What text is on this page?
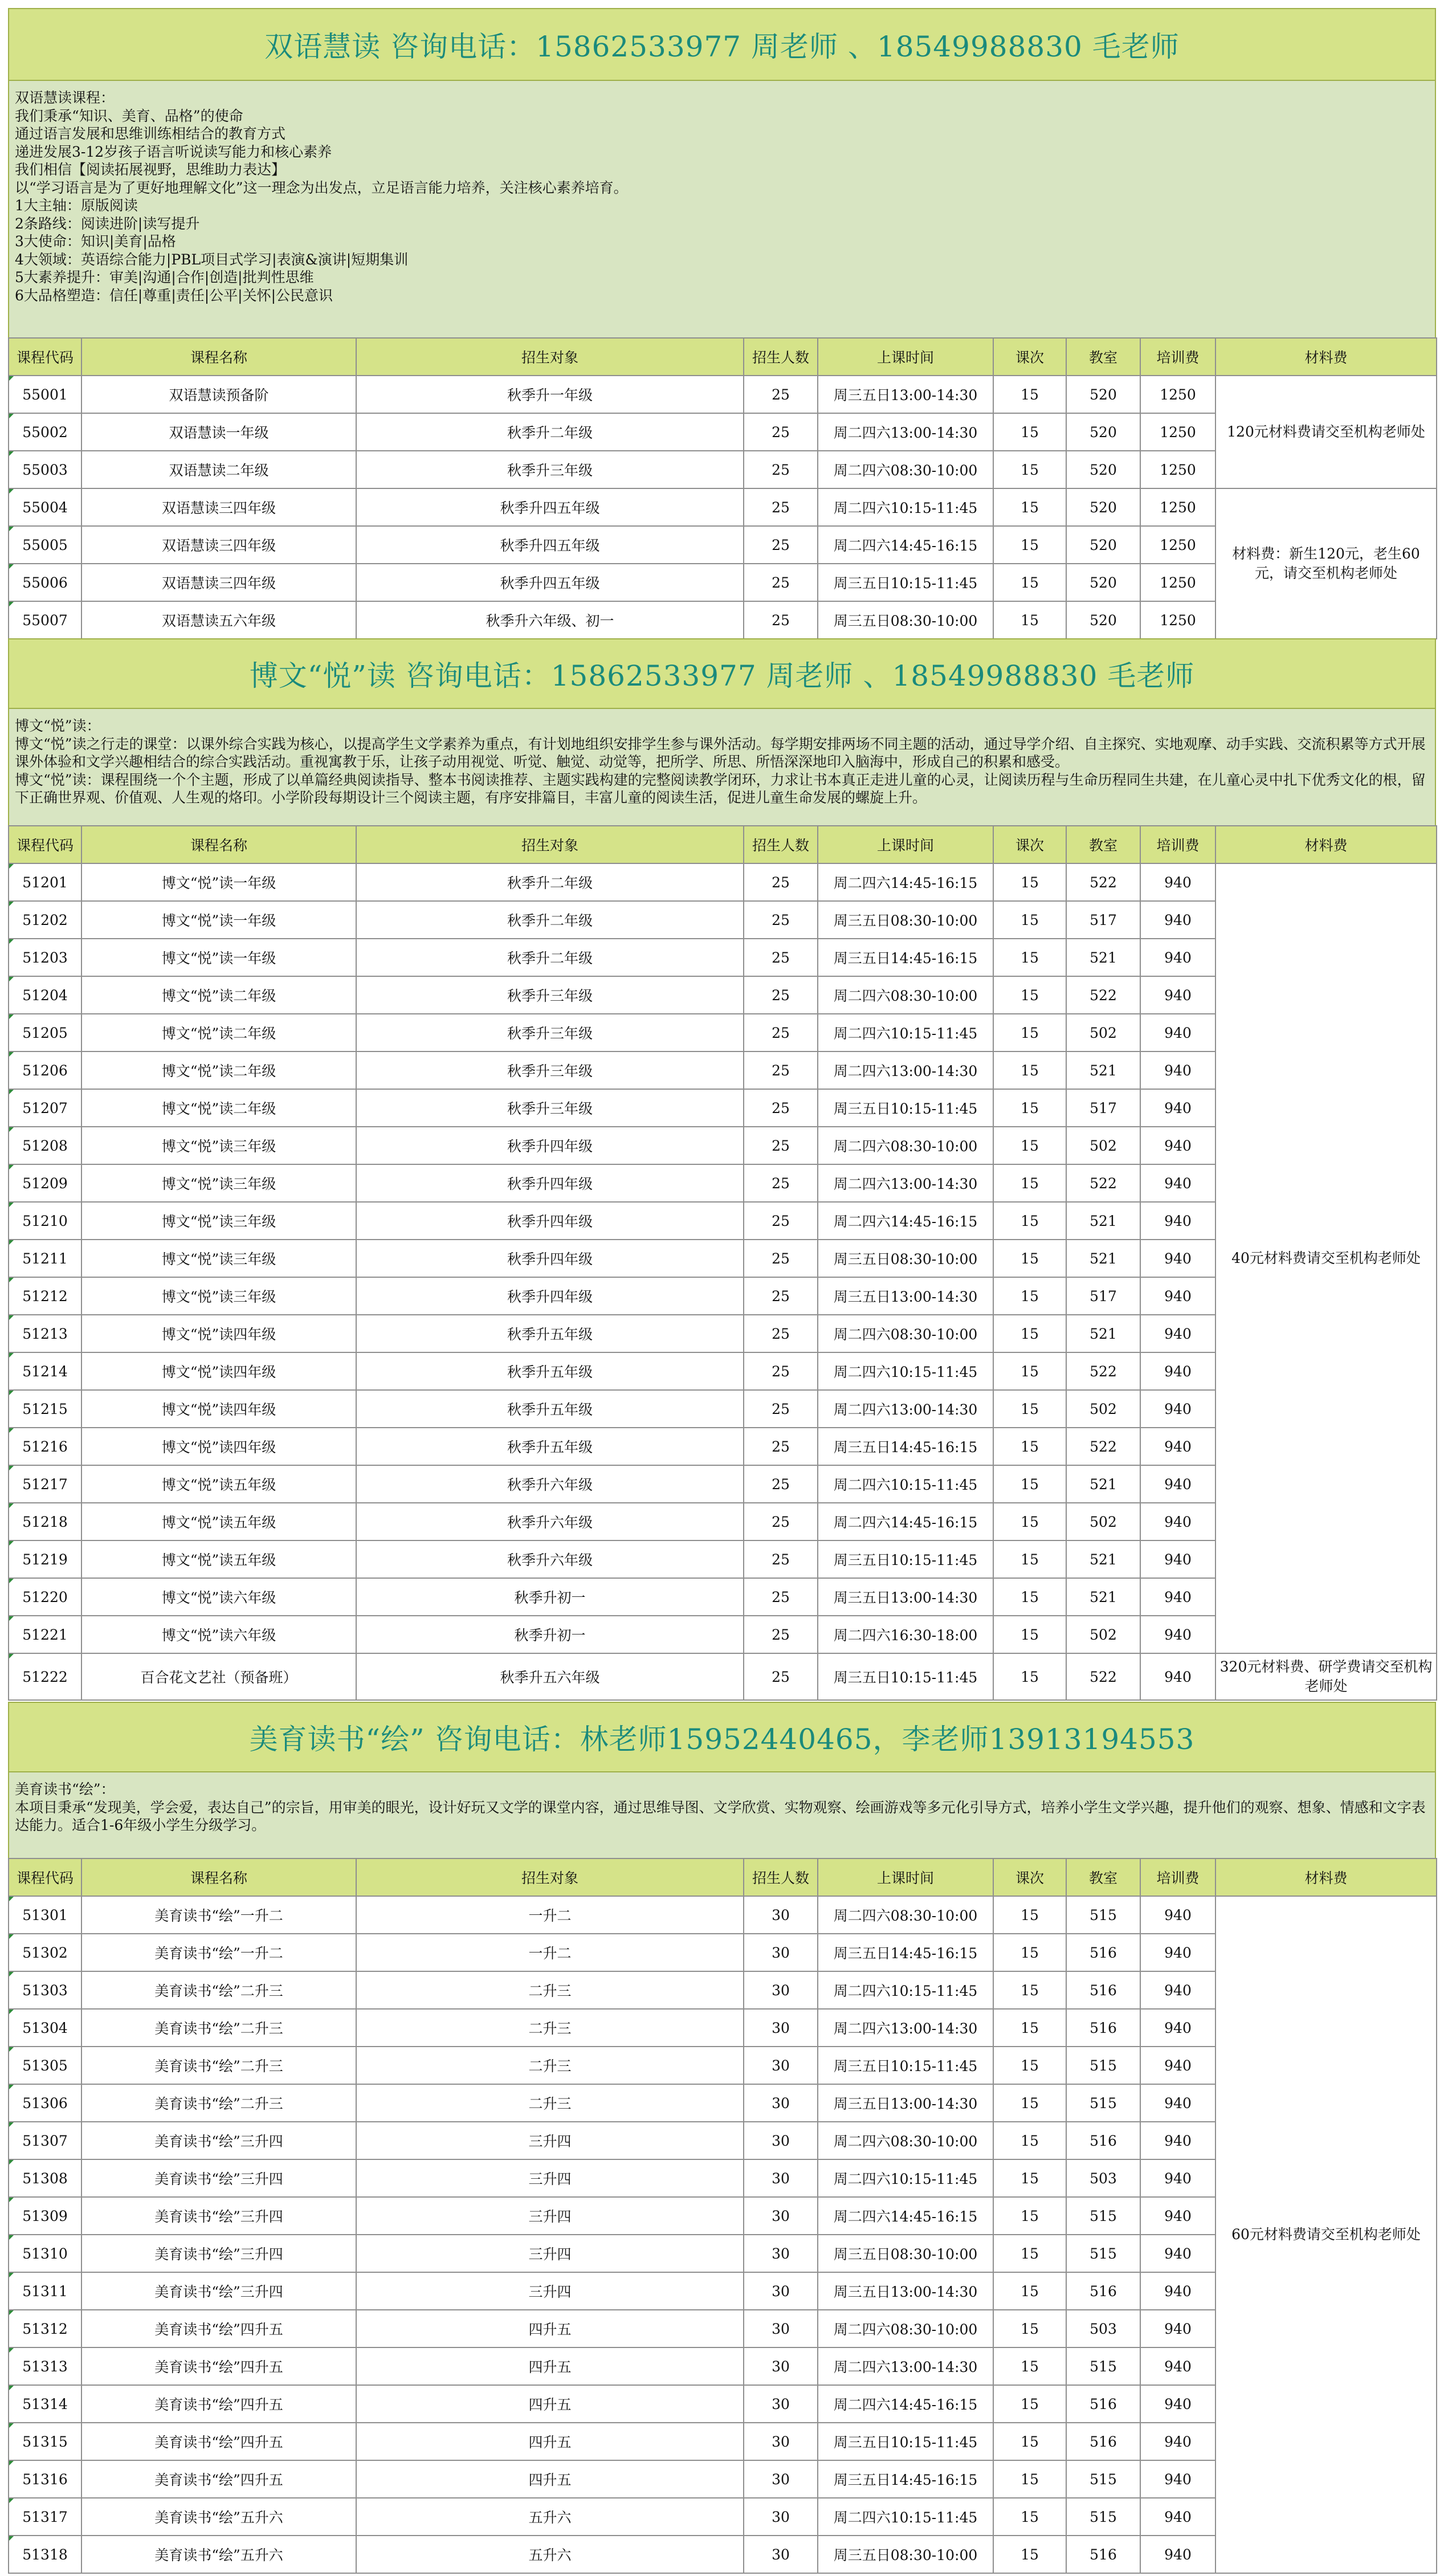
双语慧读 咨询电话：15862533977 周老师 、18549988830 毛老师
双语慧读课程：
我们秉承“知识、美育、品格”的使命
通过语言发展和思维训练相结合的教育方式
递进发展3-12岁孩子语言听说读写能力和核心素养
我们相信【阅读拓展视野，思维助力表达】
以“学习语言是为了更好地理解文化”这一理念为出发点，立足语言能力培养，关注核心素养培育。
1大主轴：原版阅读
2条路线：阅读进阶|读写提升
3大使命：知识|美育|品格
4大领域：英语综合能力|PBL项目式学习|表演&演讲|短期集训
5大素养提升：审美|沟通|合作|创造|批判性思维
6大品格塑造：信任|尊重|责任|公平|关怀|公民意识
课程代码	课程名称	招生对象	招生人数	上课时间	课次	教室	培训费	材料费
55001	双语慧读预备阶	秋季升一年级	25	周三五日13:00-14:30	15	520	1250	120元材料费请交至机构老师处
55002	双语慧读一年级	秋季升二年级	25	周二四六13:00-14:30	15	520	1250	
55003	双语慧读二年级	秋季升三年级	25	周二四六08:30-10:00	15	520	1250	
55004	双语慧读三四年级	秋季升四五年级	25	周二四六10:15-11:45	15	520	1250	材料费：新生120元，老生60元，请交至机构老师处
55005	双语慧读三四年级	秋季升四五年级	25	周二四六14:45-16:15	15	520	1250	
55006	双语慧读三四年级	秋季升四五年级	25	周三五日10:15-11:45	15	520	1250	
55007	双语慧读五六年级	秋季升六年级、初一	25	周三五日08:30-10:00	15	520	1250	
博文“悦”读 咨询电话：15862533977 周老师 、18549988830 毛老师
博文“悦”读：
博文“悦”读之行走的课堂：以课外综合实践为核心，以提高学生文学素养为重点，有计划地组织安排学生参与课外活动。每学期安排两场不同主题的活动，通过导学介绍、自主探究、实地观摩、动手实践、交流积累等方式开展课外体验和文学兴趣相结合的综合实践活动。重视寓教于乐，让孩子动用视觉、听觉、触觉、动觉等，把所学、所思、所悟深深地印入脑海中，形成自己的积累和感受。
博文“悦”读：课程围绕一个个主题，形成了以单篇经典阅读指导、整本书阅读推荐、主题实践构建的完整阅读教学闭环，力求让书本真正走进儿童的心灵，让阅读历程与生命历程同生共建，在儿童心灵中扎下优秀文化的根，留下正确世界观、价值观、人生观的烙印。小学阶段每期设计三个阅读主题，有序安排篇目，丰富儿童的阅读生活，促进儿童生命发展的螺旋上升。
课程代码	课程名称	招生对象	招生人数	上课时间	课次	教室	培训费	材料费
51201	博文“悦”读一年级	秋季升二年级	25	周二四六14:45-16:15	15	522	940	40元材料费请交至机构老师处
51202	博文“悦”读一年级	秋季升二年级	25	周三五日08:30-10:00	15	517	940	
51203	博文“悦”读一年级	秋季升二年级	25	周三五日14:45-16:15	15	521	940	
51204	博文“悦”读二年级	秋季升三年级	25	周二四六08:30-10:00	15	522	940	
51205	博文“悦”读二年级	秋季升三年级	25	周二四六10:15-11:45	15	502	940	
51206	博文“悦”读二年级	秋季升三年级	25	周二四六13:00-14:30	15	521	940	
51207	博文“悦”读二年级	秋季升三年级	25	周三五日10:15-11:45	15	517	940	
51208	博文“悦”读三年级	秋季升四年级	25	周二四六08:30-10:00	15	502	940	
51209	博文“悦”读三年级	秋季升四年级	25	周二四六13:00-14:30	15	522	940	
51210	博文“悦”读三年级	秋季升四年级	25	周二四六14:45-16:15	15	521	940	
51211	博文“悦”读三年级	秋季升四年级	25	周三五日08:30-10:00	15	521	940	
51212	博文“悦”读三年级	秋季升四年级	25	周三五日13:00-14:30	15	517	940	
51213	博文“悦”读四年级	秋季升五年级	25	周二四六08:30-10:00	15	521	940	
51214	博文“悦”读四年级	秋季升五年级	25	周二四六10:15-11:45	15	522	940	
51215	博文“悦”读四年级	秋季升五年级	25	周二四六13:00-14:30	15	502	940	
51216	博文“悦”读四年级	秋季升五年级	25	周三五日14:45-16:15	15	522	940	
51217	博文“悦”读五年级	秋季升六年级	25	周二四六10:15-11:45	15	521	940	
51218	博文“悦”读五年级	秋季升六年级	25	周二四六14:45-16:15	15	502	940	
51219	博文“悦”读五年级	秋季升六年级	25	周三五日10:15-11:45	15	521	940	
51220	博文“悦”读六年级	秋季升初一	25	周三五日13:00-14:30	15	521	940	
51221	博文“悦”读六年级	秋季升初一	25	周二四六16:30-18:00	15	502	940	
51222	百合花文艺社（预备班）	秋季升五六年级	25	周三五日10:15-11:45	15	522	940	320元材料费、研学费请交至机构老师处
美育读书“绘” 咨询电话：林老师15952440465，李老师13913194553
美育读书“绘”：
本项目秉承“发现美，学会爱，表达自己”的宗旨，用审美的眼光，设计好玩又文学的课堂内容，通过思维导图、文学欣赏、实物观察、绘画游戏等多元化引导方式，培养小学生文学兴趣，提升他们的观察、想象、情感和文字表达能力。适合1-6年级小学生分级学习。
课程代码	课程名称	招生对象	招生人数	上课时间	课次	教室	培训费	材料费
51301	美育读书“绘”一升二	一升二	30	周二四六08:30-10:00	15	515	940	60元材料费请交至机构老师处
51302	美育读书“绘”一升二	一升二	30	周三五日14:45-16:15	15	516	940	
51303	美育读书“绘”二升三	二升三	30	周二四六10:15-11:45	15	516	940	
51304	美育读书“绘”二升三	二升三	30	周二四六13:00-14:30	15	516	940	
51305	美育读书“绘”二升三	二升三	30	周三五日10:15-11:45	15	515	940	
51306	美育读书“绘”二升三	二升三	30	周三五日13:00-14:30	15	515	940	
51307	美育读书“绘”三升四	三升四	30	周二四六08:30-10:00	15	516	940	
51308	美育读书“绘”三升四	三升四	30	周二四六10:15-11:45	15	503	940	
51309	美育读书“绘”三升四	三升四	30	周二四六14:45-16:15	15	515	940	
51310	美育读书“绘”三升四	三升四	30	周三五日08:30-10:00	15	515	940	
51311	美育读书“绘”三升四	三升四	30	周三五日13:00-14:30	15	516	940	
51312	美育读书“绘”四升五	四升五	30	周二四六08:30-10:00	15	503	940	
51313	美育读书“绘”四升五	四升五	30	周二四六13:00-14:30	15	515	940	
51314	美育读书“绘”四升五	四升五	30	周二四六14:45-16:15	15	516	940	
51315	美育读书“绘”四升五	四升五	30	周三五日10:15-11:45	15	516	940	
51316	美育读书“绘”四升五	四升五	30	周三五日14:45-16:15	15	515	940	
51317	美育读书“绘”五升六	五升六	30	周二四六10:15-11:45	15	515	940	
51318	美育读书“绘”五升六	五升六	30	周三五日08:30-10:00	15	516	940	
